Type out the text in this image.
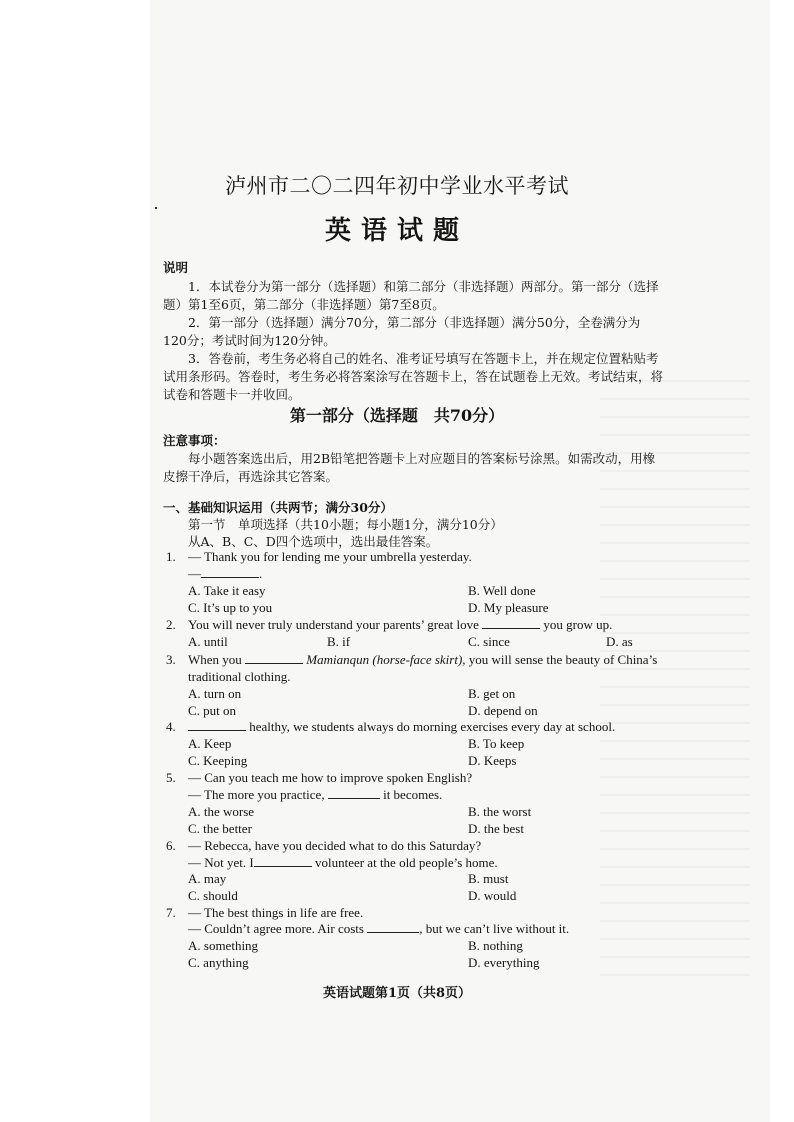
泸州市二〇二四年初中学业水平考试
英语试题
说明
1．本试卷分为第一部分（选择题）和第二部分（非选择题）两部分。第一部分（选择
题）第1至6页，第二部分（非选择题）第7至8页。
2．第一部分（选择题）满分70分，第二部分（非选择题）满分50分，全卷满分为
120分；考试时间为120分钟。
3．答卷前，考生务必将自己的姓名、准考证号填写在答题卡上，并在规定位置粘贴考
试用条形码。答卷时，考生务必将答案涂写在答题卡上，答在试题卷上无效。考试结束，将
试卷和答题卡一并收回。
第一部分（选择题　共70分）
注意事项：
每小题答案选出后，用2B铅笔把答题卡上对应题目的答案标号涂黑。如需改动，用橡
皮擦干净后，再选涂其它答案。
一、基础知识运用（共两节；满分30分）
第一节　单项选择（共10小题；每小题1分，满分10分）
从A、B、C、D四个选项中，选出最佳答案。
1. — Thank you for lending me your umbrella yesterday.
—	.
A. Take it easy	B. Well done
C. It’s up to you	D. My pleasure
2. You will never truly understand your parents’ great love	you grow up.
A. until	B. if	C. since	D. as
3. When you	Mamianqun (horse-face skirt), you will sense the beauty of China’s
traditional clothing.
A. turn on	B. get on
C. put on	D. depend on
4.	healthy, we students always do morning exercises every day at school.
A. Keep	B. To keep
C. Keeping	D. Keeps
5. — Can you teach me how to improve spoken English?
— The more you practice,	it becomes.
A. the worse	B. the worst
C. the better	D. the best
6. — Rebecca, have you decided what to do this Saturday?
— Not yet. I	volunteer at the old people’s home.
A. may	B. must
C. should	D. would
7. — The best things in life are free.
— Couldn’t agree more. Air costs	, but we can’t live without it.
A. something	B. nothing
C. anything	D. everything
英语试题第1页（共8页）
